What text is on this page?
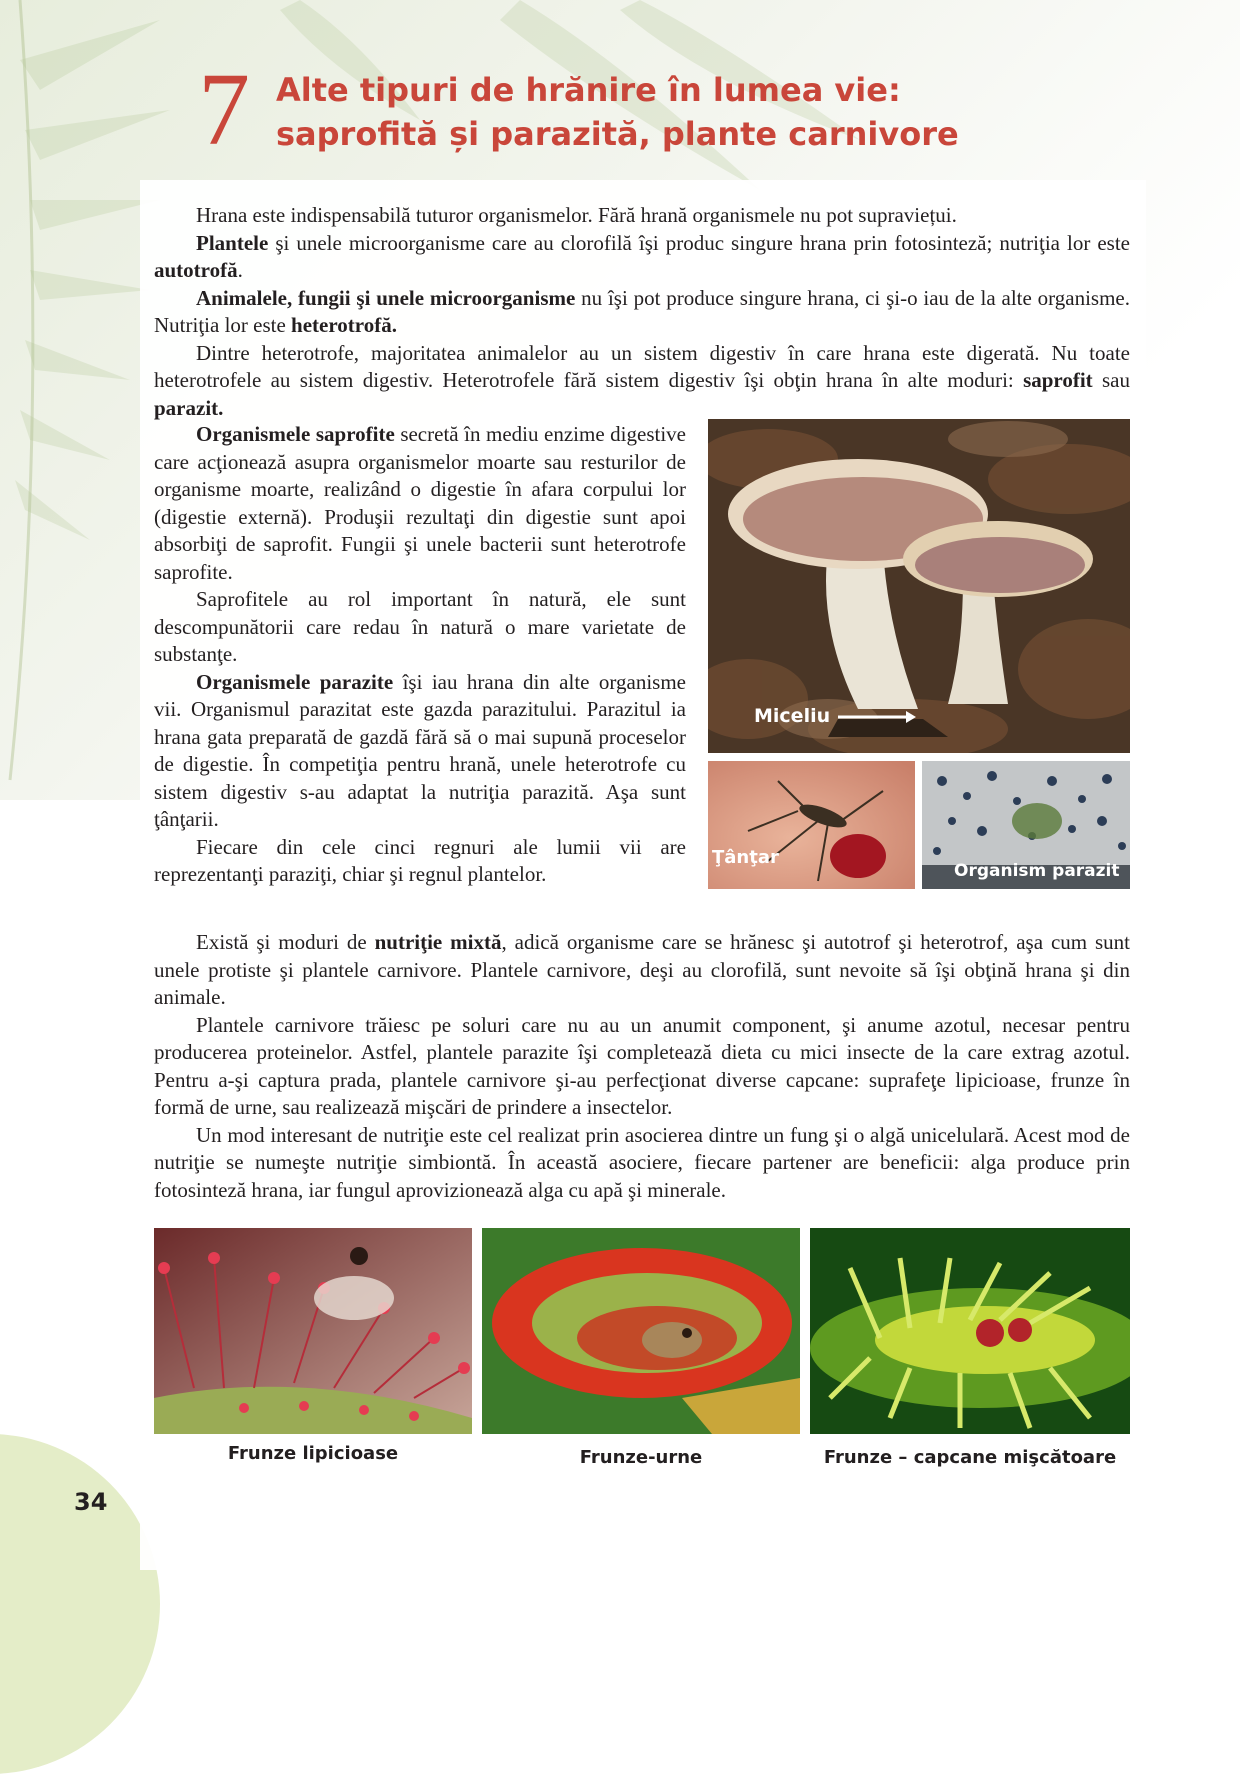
7 Alte tipuri de hrănire în lumea vie:
saprofită și parazită, plante carnivore

Hrana este indispensabilă tuturor organismelor. Fără hrană organismele nu pot supraviețui.

Plantele şi unele microorganisme care au clorofilă îşi produc singure hrana prin fotosinteză; nutriţia lor este autotrofă.

Animalele, fungii şi unele microorganisme nu îşi pot produce singure hrana, ci şi-o iau de la alte organisme. Nutriţia lor este heterotrofă.

Dintre heterotrofe, majoritatea animalelor au un sistem digestiv în care hrana este digerată. Nu toate heterotrofele au sistem digestiv. Heterotrofele fără sistem digestiv îşi obţin hrana în alte moduri: saprofit sau parazit.

Organismele saprofite secretă în mediu enzime digestive care acţionează asupra organismelor moarte sau resturilor de organisme moarte, realizând o digestie în afara corpului lor (digestie externă). Produşii rezultaţi din digestie sunt apoi absorbiţi de saprofit. Fungii şi unele bacterii sunt heterotrofe saprofite.

Saprofitele au rol important în natură, ele sunt descompunătorii care redau în natură o mare varietate de substanţe.

Organismele parazite îşi iau hrana din alte organisme vii. Organismul parazitat este gazda parazitului. Parazitul ia hrana gata preparată de gazdă fără să o mai supună proceselor de digestie. În competiţia pentru hrană, unele heterotrofe cu sistem digestiv s-au adaptat la nutriţia parazită. Aşa sunt ţânţarii.

Fiecare din cele cinci regnuri ale lumii vii are reprezentanţi paraziţi, chiar şi regnul plantelor.

Miceliu
Ţânţar
Organism parazit

Există şi moduri de nutriţie mixtă, adică organisme care se hrănesc şi autotrof şi heterotrof, aşa cum sunt unele protiste şi plantele carnivore. Plantele carnivore, deşi au clorofilă, sunt nevoite să îşi obţină hrana şi din animale.

Plantele carnivore trăiesc pe soluri care nu au un anumit component, şi anume azotul, necesar pentru producerea proteinelor. Astfel, plantele parazite îşi completează dieta cu mici insecte de la care extrag azotul. Pentru a-şi captura prada, plantele carnivore şi-au perfecţionat diverse capcane: suprafeţe lipicioase, frunze în formă de urne, sau realizează mişcări de prindere a insectelor.

Un mod interesant de nutriţie este cel realizat prin asocierea dintre un fung şi o algă unicelulară. Acest mod de nutriţie se numeşte nutriţie simbiontă. În această asociere, fiecare partener are beneficii: alga produce prin fotosinteză hrana, iar fungul aprovizionează alga cu apă şi minerale.

Frunze lipicioase	Frunze-urne	Frunze – capcane mişcătoare
34
